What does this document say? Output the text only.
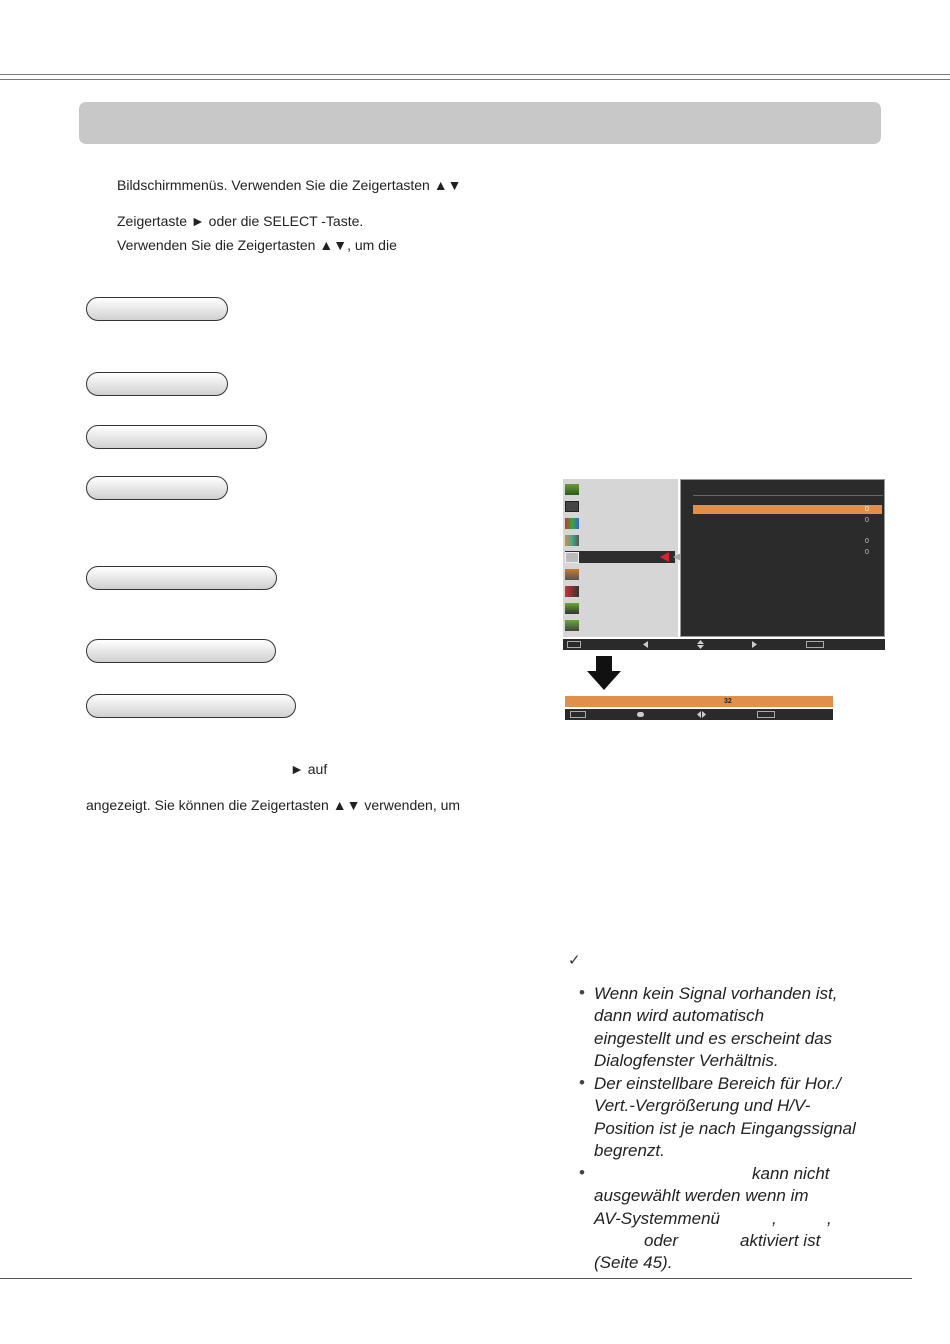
Bildschirmmenüs. Verwenden Sie die Zeigertasten ▲▼
Zeigertaste ► oder die SELECT -Taste.
Verwenden Sie die Zeigertasten ▲▼, um die
0
0
0
0
32
► auf
angezeigt. Sie können die Zeigertasten ▲▼ verwenden, um
✓
• Wenn kein Signal vorhanden ist,
dann wird automatisch
eingestellt und es erscheint das
Dialogfenster Verhältnis.
• Der einstellbare Bereich für Hor./
Vert.-Vergrößerung und H/V-
Position ist je nach Eingangssignal
begrenzt.
•	kann nicht
ausgewählt werden wenn im
AV-Systemmenü	,	,
oder	aktiviert ist
(Seite 45).
